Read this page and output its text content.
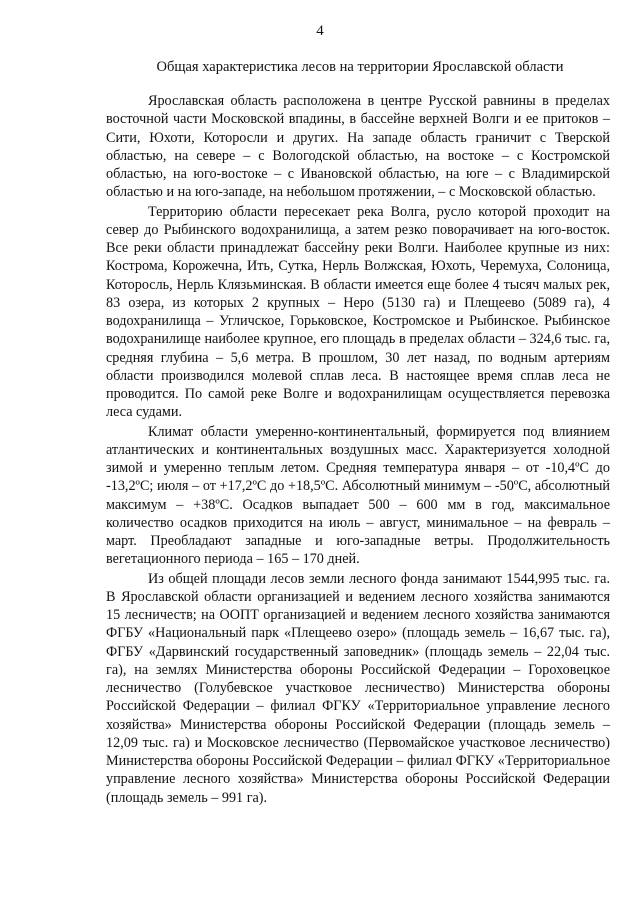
4
Общая характеристика лесов на территории Ярославской области

Ярославская область расположена в центре Русской равнины в пределах восточной части Московской впадины, в бассейне верхней Волги и ее притоков – Сити, Юхоти, Которосли и других. На западе область граничит с Тверской областью, на севере – с Вологодской областью, на востоке – с Костромской областью, на юго-востоке – с Ивановской областью, на юге – с Владимирской областью и на юго-западе, на небольшом протяжении, – с Московской областью.

Территорию области пересекает река Волга, русло которой проходит на север до Рыбинского водохранилища, а затем резко поворачивает на юго-восток. Все реки области принадлежат бассейну реки Волги. Наиболее крупные из них: Кострома, Корожечна, Ить, Сутка, Нерль Волжская, Юхоть, Черемуха, Солоница, Которосль, Нерль Клязьминская. В области имеется еще более 4 тысяч малых рек, 83 озера, из которых 2 крупных – Неро (5130 га) и Плещеево (5089 га), 4 водохранилища – Угличское, Горьковское, Костромское и Рыбинское. Рыбинское водохранилище наиболее крупное, его площадь в пределах области – 324,6 тыс. га, средняя глубина – 5,6 метра. В прошлом, 30 лет назад, по водным артериям области производился молевой сплав леса. В настоящее время сплав леса не проводится. По самой реке Волге и водохранилищам осуществляется перевозка леса судами.

Климат области умеренно-континентальный, формируется под влиянием атлантических и континентальных воздушных масс. Характеризуется холодной зимой и умеренно теплым летом. Средняя температура января – от -10,4ºС до -13,2ºС; июля – от +17,2ºС до +18,5ºС. Абсолютный минимум – -50ºС, абсолютный максимум – +38ºС. Осадков выпадает 500 – 600 мм в год, максимальное количество осадков приходится на июль – август, минимальное – на февраль – март. Преобладают западные и юго-западные ветры. Продолжительность вегетационного периода – 165 – 170 дней.

Из общей площади лесов земли лесного фонда занимают 1544,995 тыс. га. В Ярославской области организацией и ведением лесного хозяйства занимаются 15 лесничеств; на ООПТ организацией и ведением лесного хозяйства занимаются ФГБУ «Национальный парк «Плещеево озеро» (площадь земель – 16,67 тыс. га), ФГБУ «Дарвинский государственный заповедник» (площадь земель – 22,04 тыс. га), на землях Министерства обороны Российской Федерации – Гороховецкое лесничество (Голубевское участковое лесничество) Министерства обороны Российской Федерации – филиал ФГКУ «Территориальное управление лесного хозяйства» Министерства обороны Российской Федерации (площадь земель – 12,09 тыс. га) и Московское лесничество (Первомайское участковое лесничество) Министерства обороны Российской Федерации – филиал ФГКУ «Территориальное управление лесного хозяйства» Министерства обороны Российской Федерации (площадь земель – 991 га).
